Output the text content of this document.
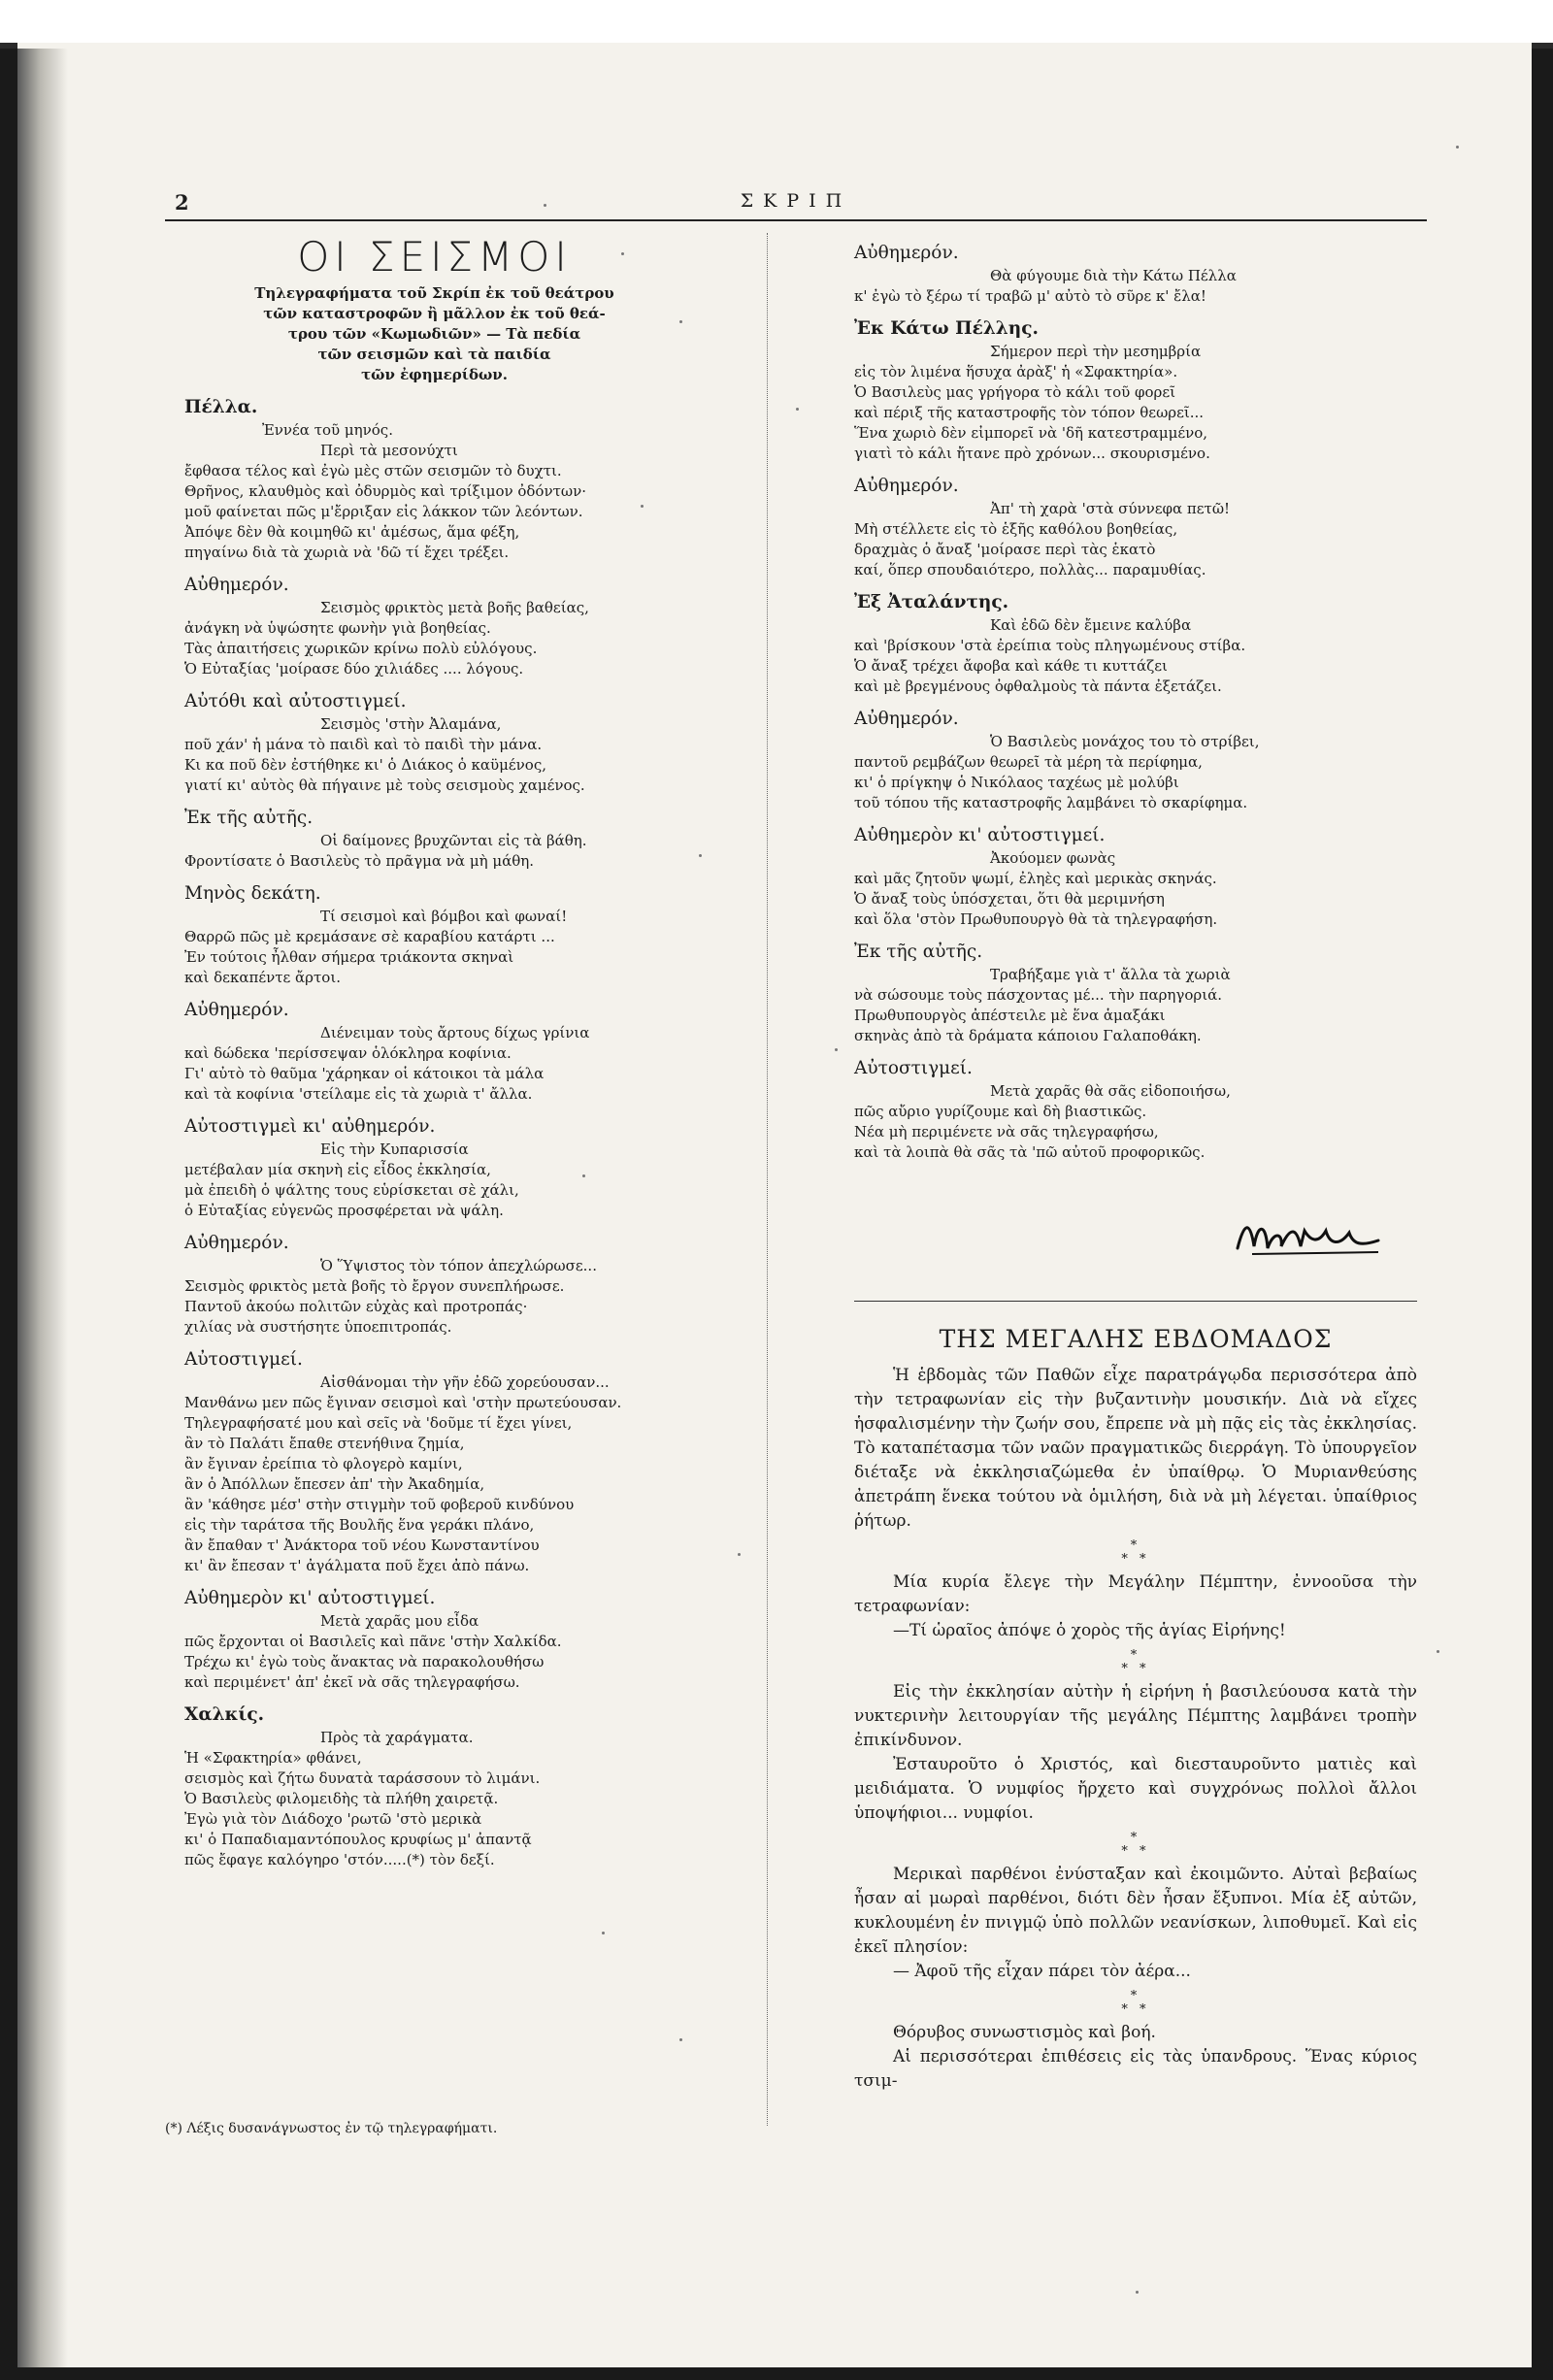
2	ΣΚΡΙΠ
ΟΙ ΣΕΙΣΜΟΙ
Τηλεγραφήματα τοῦ Σκρίπ ἐκ τοῦ θεάτρου
τῶν καταστροφῶν ἢ μᾶλλον ἐκ τοῦ θεά-
τρου τῶν «Κωμωδιῶν» — Τὰ πεδία
τῶν σεισμῶν καὶ τὰ παιδία
τῶν ἐφημερίδων.
Πέλλα.
Ἐννέα τοῦ μηνός.
Περὶ τὰ μεσονύχτι
ἔφθασα τέλος καὶ ἐγὼ μὲς στῶν σεισμῶν τὸ δυχτι.
Θρῆνος, κλαυθμὸς καὶ ὀδυρμὸς καὶ τρίξιμον ὀδόντων·
μοῦ φαίνεται πῶς μ'ἔρριξαν εἰς λάκκον τῶν λεόντων.
Ἀπόψε δὲν θὰ κοιμηθῶ κι' ἀμέσως, ἅμα φέξη,
πηγαίνω διὰ τὰ χωριὰ νὰ 'δῶ τί ἔχει τρέξει.
Αὐθημερόν.
Σεισμὸς φρικτὸς μετὰ βοῆς βαθείας,
ἀνάγκη νὰ ὑψώσητε φωνὴν γιὰ βοηθείας.
Τὰς ἀπαιτήσεις χωρικῶν κρίνω πολὺ εὐλόγους.
Ὁ Εὐταξίας 'μοίρασε δύο χιλιάδες .... λόγους.
Αὐτόθι καὶ αὐτοστιγμεί.
Σεισμὸς 'στὴν Ἀλαμάνα,
ποῦ χάν' ἡ μάνα τὸ παιδὶ καὶ τὸ παιδὶ τὴν μάνα.
Κι κα ποῦ δὲν ἐστήθηκε κι' ὁ Διάκος ὁ καϋμένος,
γιατί κι' αὐτὸς θὰ πήγαινε μὲ τοὺς σεισμοὺς χαμένος.
Ἐκ τῆς αὐτῆς.
Οἱ δαίμονες βρυχῶνται εἰς τὰ βάθη.
Φροντίσατε ὁ Βασιλεὺς τὸ πρᾶγμα νὰ μὴ μάθη.
Μηνὸς δεκάτη.
Τί σεισμοὶ καὶ βόμβοι καὶ φωναί!
Θαρρῶ πῶς μὲ κρεμάσανε σὲ καραβίου κατάρτι ...
Ἐν τούτοις ἦλθαν σήμερα τριάκοντα σκηναὶ
καὶ δεκαπέντε ἄρτοι.
Αὐθημερόν.
Διένειμαν τοὺς ἄρτους δίχως γρίνια
καὶ δώδεκα 'περίσσεψαν ὁλόκληρα κοφίνια.
Γι' αὐτὸ τὸ θαῦμα 'χάρηκαν οἱ κάτοικοι τὰ μάλα
καὶ τὰ κοφίνια 'στείλαμε εἰς τὰ χωριὰ τ' ἄλλα.
Αὐτοστιγμεὶ κι' αὐθημερόν.
Εἰς τὴν Κυπαρισσία
μετέβαλαν μία σκηνὴ εἰς εἶδος ἐκκλησία,
μὰ ἐπειδὴ ὁ ψάλτης τους εὑρίσκεται σὲ χάλι,
ὁ Εὐταξίας εὐγενῶς προσφέρεται νὰ ψάλη.
Αὐθημερόν.
Ὁ Ὕψιστος τὸν τόπον ἀπεχλώρωσε...
Σεισμὸς φρικτὸς μετὰ βοῆς τὸ ἔργον συνεπλήρωσε.
Παντοῦ ἀκούω πολιτῶν εὐχὰς καὶ προτροπάς·
χιλίας νὰ συστήσητε ὑποεπιτροπάς.
Αὐτοστιγμεί.
Αἰσθάνομαι τὴν γῆν ἐδῶ χορεύουσαν...
Μανθάνω μεν πῶς ἔγιναν σεισμοὶ καὶ 'στὴν πρωτεύουσαν.
Τηλεγραφήσατέ μου καὶ σεῖς νὰ 'δοῦμε τί ἔχει γίνει,
ἂν τὸ Παλάτι ἔπαθε στενήθινα ζημία,
ἂν ἔγιναν ἐρείπια τὸ φλογερὸ καμίνι,
ἂν ὁ Ἀπόλλων ἔπεσεν ἀπ' τὴν Ἀκαδημία,
ἂν 'κάθησε μέσ' στὴν στιγμὴν τοῦ φοβεροῦ κινδύνου
εἰς τὴν ταράτσα τῆς Βουλῆς ἕνα γεράκι πλάνο,
ἂν ἔπαθαν τ' Ἀνάκτορα τοῦ νέου Κωνσταντίνου
κι' ἂν ἔπεσαν τ' ἀγάλματα ποῦ ἔχει ἀπὸ πάνω.
Αὐθημερὸν κι' αὐτοστιγμεί.
Μετὰ χαρᾶς μου εἶδα
πῶς ἔρχονται οἱ Βασιλεῖς καὶ πᾶνε 'στὴν Χαλκίδα.
Τρέχω κι' ἐγὼ τοὺς ἄνακτας νὰ παρακολουθήσω
καὶ περιμένετ' ἀπ' ἐκεῖ νὰ σᾶς τηλεγραφήσω.
Χαλκίς.
Πρὸς τὰ χαράγματα.
Ἡ «Σφακτηρία» φθάνει,
σεισμὸς καὶ ζήτω δυνατὰ ταράσσουν τὸ λιμάνι.
Ὁ Βασιλεὺς φιλομειδὴς τὰ πλήθη χαιρετᾷ.
Ἐγὼ γιὰ τὸν Διάδοχο 'ρωτῶ 'στὸ μερικὰ
κι' ὁ Παπαδιαμαντόπουλος κρυφίως μ' ἀπαντᾷ
πῶς ἔφαγε καλόγηρο 'στόν.....(*) τὸν δεξί.
Αὐθημερόν.
Θὰ φύγουμε διὰ τὴν Κάτω Πέλλα
κ' ἐγὼ τὸ ξέρω τί τραβῶ μ' αὐτὸ τὸ σῦρε κ' ἔλα!
Ἐκ Κάτω Πέλλης.
Σήμερον περὶ τὴν μεσημβρία
εἰς τὸν λιμένα ἥσυχα ἀρὰξ' ἡ «Σφακτηρία».
Ὁ Βασιλεὺς μας γρήγορα τὸ κάλι τοῦ φορεῖ
καὶ πέριξ τῆς καταστροφῆς τὸν τόπον θεωρεῖ...
Ἕνα χωριὸ δὲν εἰμπορεῖ νὰ 'δῆ κατεστραμμένο,
γιατὶ τὸ κάλι ἤτανε πρὸ χρόνων... σκουρισμένο.
Αὐθημερόν.
Ἀπ' τὴ χαρὰ 'στὰ σύννεφα πετῶ!
Μὴ στέλλετε εἰς τὸ ἑξῆς καθόλου βοηθείας,
δραχμὰς ὁ ἄναξ 'μοίρασε περὶ τὰς ἑκατὸ
καί, ὅπερ σπουδαιότερο, πολλὰς... παραμυθίας.
Ἐξ Ἀταλάντης.
Καὶ ἐδῶ δὲν ἔμεινε καλύβα
καὶ 'βρίσκουν 'στὰ ἐρείπια τοὺς πληγωμένους στίβα.
Ὁ ἄναξ τρέχει ἄφοβα καὶ κάθε τι κυττάζει
καὶ μὲ βρεγμένους ὀφθαλμοὺς τὰ πάντα ἐξετάζει.
Αὐθημερόν.
Ὁ Βασιλεὺς μονάχος του τὸ στρίβει,
παντοῦ ρεμβάζων θεωρεῖ τὰ μέρη τὰ περίφημα,
κι' ὁ πρίγκηψ ὁ Νικόλαος ταχέως μὲ μολύβι
τοῦ τόπου τῆς καταστροφῆς λαμβάνει τὸ σκαρίφημα.
Αὐθημερὸν κι' αὐτοστιγμεί.
Ἀκούομεν φωνὰς
καὶ μᾶς ζητοῦν ψωμί, ἐληὲς καὶ μερικὰς σκηνάς.
Ὁ ἄναξ τοὺς ὑπόσχεται, ὅτι θὰ μεριμνήση
καὶ ὅλα 'στὸν Πρωθυπουργὸ θὰ τὰ τηλεγραφήση.
Ἐκ τῆς αὐτῆς.
Τραβήξαμε γιὰ τ' ἄλλα τὰ χωριὰ
νὰ σώσουμε τοὺς πάσχοντας μέ... τὴν παρηγοριά.
Πρωθυπουργὸς ἀπέστειλε μὲ ἕνα ἁμαξάκι
σκηνὰς ἀπὸ τὰ δράματα κάποιου Γαλαποθάκη.
Αὐτοστιγμεί.
Μετὰ χαρᾶς θὰ σᾶς εἰδοποιήσω,
πῶς αὔριο γυρίζουμε καὶ δὴ βιαστικῶς.
Νέα μὴ περιμένετε νὰ σᾶς τηλεγραφήσω,
καὶ τὰ λοιπὰ θὰ σᾶς τὰ 'πῶ αὐτοῦ προφορικῶς.
ΤΗΣ ΜΕΓΑΛΗΣ ΕΒΔΟΜΑΔΟΣ

Ἡ ἑβδομὰς τῶν Παθῶν εἶχε παρατράγῳδα περισσότερα ἀπὸ τὴν τετραφωνίαν εἰς τὴν βυζαντινὴν μουσικήν. Διὰ νὰ εἴχες ἡσφαλισμένην τὴν ζωήν σου, ἔπρεπε νὰ μὴ πᾷς εἰς τὰς ἐκκλησίας. Τὸ καταπέτασμα τῶν ναῶν πραγματικῶς διερράγη. Τὸ ὑπουργεῖον διέταξε νὰ ἐκκλησιαζώμεθα ἐν ὑπαίθρῳ. Ὁ Μυριανθεύσης ἀπετράπη ἕνεκα τούτου νὰ ὁμιλήση, διὰ νὰ μὴ λέγεται. ὑπαίθριος ῥήτωρ.

*
* *

Μία κυρία ἔλεγε τὴν Μεγάλην Πέμπτην, ἐννοοῦσα τὴν τετραφωνίαν:

—Τί ὡραῖος ἀπόψε ὁ χορὸς τῆς ἁγίας Εἰρήνης!

*
* *

Εἰς τὴν ἐκκλησίαν αὐτὴν ἡ εἰρήνη ἡ βασιλεύουσα κατὰ τὴν νυκτερινὴν λειτουργίαν τῆς μεγάλης Πέμπτης λαμβάνει τροπὴν ἐπικίνδυνον.

Ἐσταυροῦτο ὁ Χριστός, καὶ διεσταυροῦντο ματιὲς καὶ μειδιάματα. Ὁ νυμφίος ἤρχετο καὶ συγχρόνως πολλοὶ ἄλλοι ὑποψήφιοι... νυμφίοι.

*
* *

Μερικαὶ παρθένοι ἐνύσταξαν καὶ ἐκοιμῶντο. Αὐταὶ βεβαίως ἦσαν αἱ μωραὶ παρθένοι, διότι δὲν ἦσαν ἔξυπνοι. Μία ἐξ αὐτῶν, κυκλουμένη ἐν πνιγμῷ ὑπὸ πολλῶν νεανίσκων, λιποθυμεῖ. Καὶ εἰς ἐκεῖ πλησίον:

— Ἀφοῦ τῆς εἶχαν πάρει τὸν ἀέρα...

*
* *

Θόρυβος συνωστισμὸς καὶ βοή.

Αἱ περισσότεραι ἐπιθέσεις εἰς τὰς ὑπανδρους. Ἕνας κύριος τσιμ-

(*) Λέξις δυσανάγνωστος ἐν τῷ τηλεγραφήματι.
